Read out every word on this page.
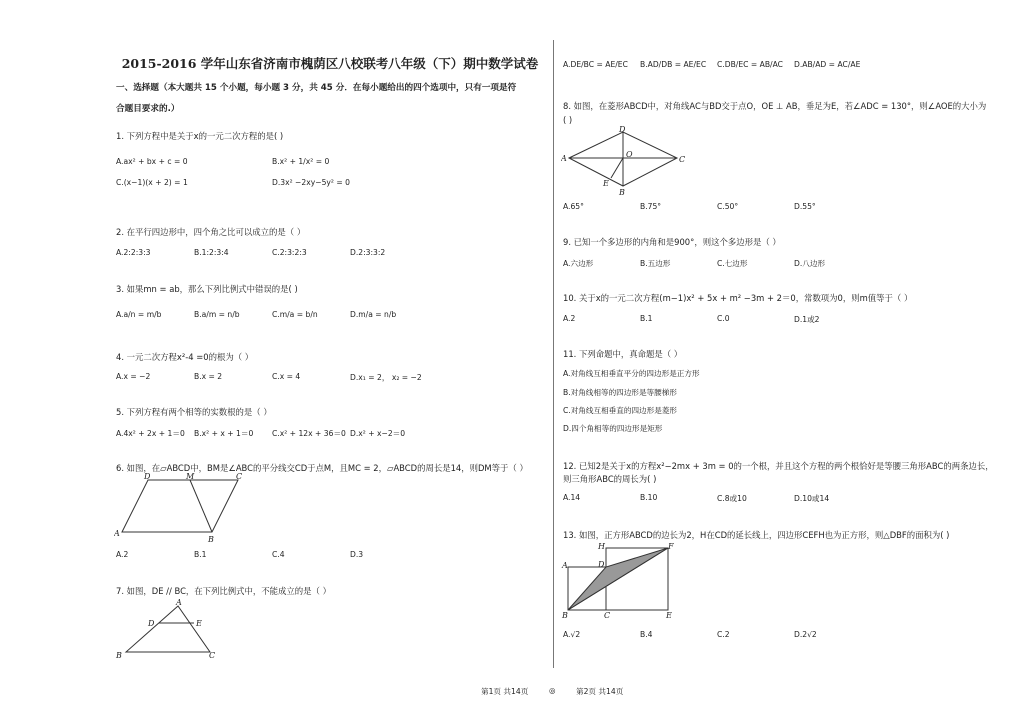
2015-2016 学年山东省济南市槐荫区八校联考八年级（下）期中数学试卷
一、选择题（本大题共 15 个小题，每小题 3 分，共 45 分．在每小题给出的四个选项中，只有一项是符
合题目要求的.）
1. 下列方程中是关于x的一元二次方程的是( )
A.ax² + bx + c = 0	B.x² + 1/x² = 0
C.(x−1)(x + 2) = 1	D.3x² −2xy−5y² = 0
2. 在平行四边形中，四个角之比可以成立的是（ ）
A.2:2:3:3	B.1:2:3:4	C.2:3:2:3	D.2:3:3:2
3. 如果mn = ab，那么下列比例式中错误的是( )
A.a/n = m/b	B.a/m = n/b	C.m/a = b/n	D.m/a = n/b
4. 一元二次方程x²-4 =0的根为（ ）
A.x = −2	B.x = 2	C.x = 4	D.x₁ = 2， x₂ = −2
5. 下列方程有两个相等的实数根的是（ ）
A.4x² + 2x + 1＝0 B.x² + x + 1＝0 C.x² + 12x + 36＝0 D.x² + x−2＝0
6. 如图，在▱ABCD中，BM是∠ABC的平分线交CD于点M，且MC = 2，▱ABCD的周长是14，则DM等于（ ）
A
B
C
D	M
A.2	B.1	C.4	D.3
7. 如图，DE // BC，在下列比例式中，不能成立的是（ ）
A
B	C
D	E
A.DE/BC = AE/EC B.AD/DB = AE/EC C.DB/EC = AB/AC D.AB/AD = AC/AE
8. 如图，在菱形ABCD中，对角线AC与BD交于点O，OE ⊥ AB，垂足为E，若∠ADC = 130°，则∠AOE的大小为
( )
A
B
C
D
O
E
A.65°	B.75°	C.50°	D.55°
9. 已知一个多边形的内角和是900°，则这个多边形是（ ）
A.六边形	B.五边形	C.七边形	D.八边形
10. 关于x的一元二次方程(m−1)x² + 5x + m² −3m + 2＝0，常数项为0，则m值等于（ ）
A.2	B.1	C.0	D.1或2
11. 下列命题中，真命题是（ ）
A.对角线互相垂直平分的四边形是正方形
B.对角线相等的四边形是等腰梯形
C.对角线互相垂直的四边形是菱形
D.四个角相等的四边形是矩形
12. 已知2是关于x的方程x²−2mx + 3m = 0的一个根，并且这个方程的两个根恰好是等腰三角形ABC的两条边长，
则三角形ABC的周长为( )
A.14	B.10	C.8或10	D.10或14
13. 如图，正方形ABCD的边长为2，H在CD的延长线上，四边形CEFH也为正方形，则△DBF的面积为( )
A
B	C
D
E
F
H
A.√2	B.4	C.2	D.2√2
第1页 共14页	◎	第2页 共14页
